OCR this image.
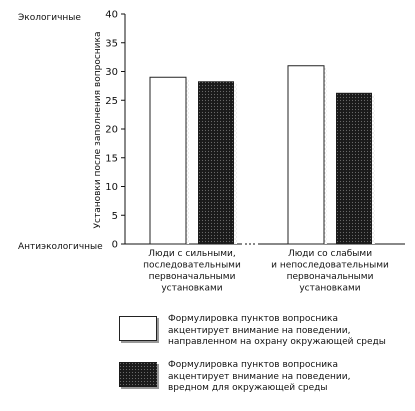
0
5
10
15
20
25
30
35
40
Люди с сильными, последовательными первоначальными установками
Люди со слабыми и непоследовательными первоначальными установками
Установки после заполнения вопросника
Экологичные
Антиэкологичные
Формулировка пунктов вопросника
акцентирует внимание на поведении,
направленном на охрану окружающей среды
Формулировка пунктов вопросника
акцентирует внимание на поведении,
вредном для окружающей среды
